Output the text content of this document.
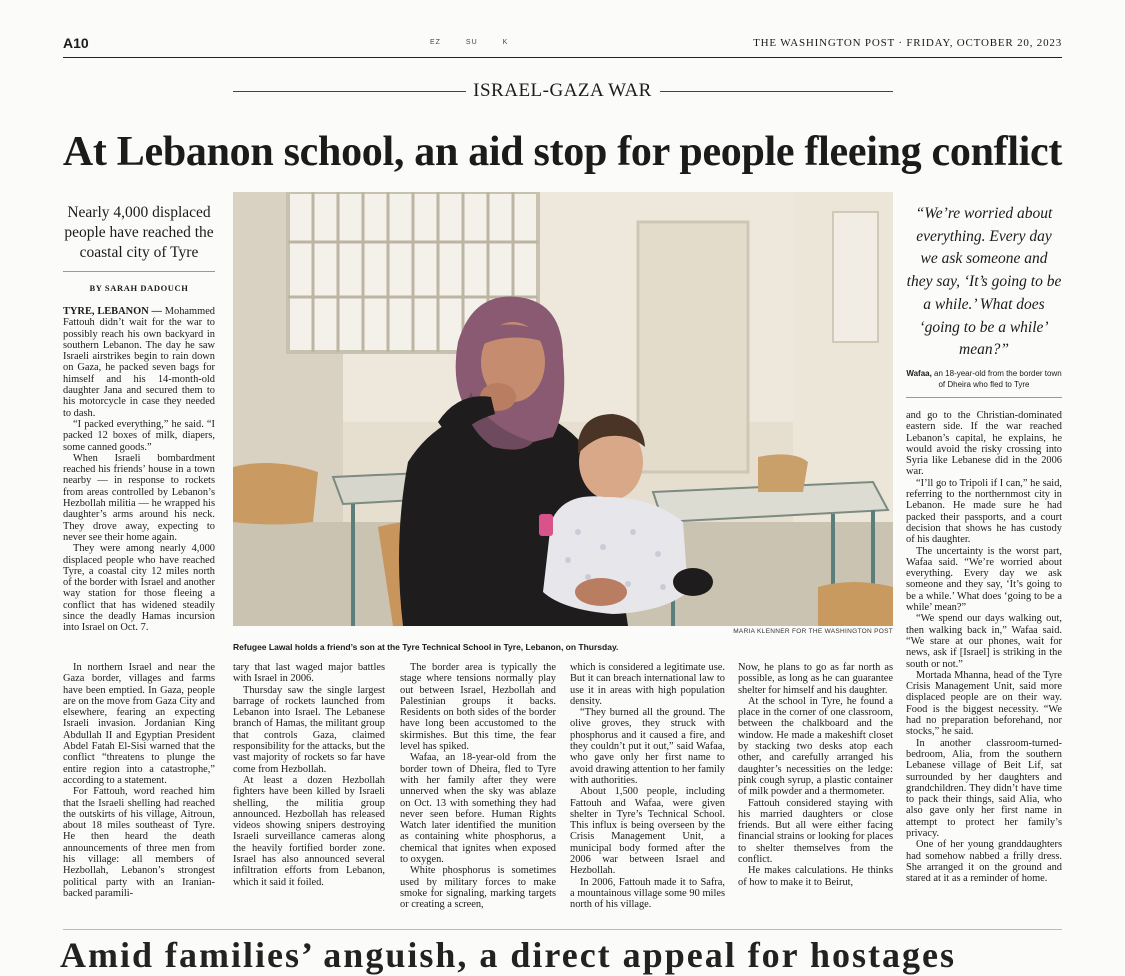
A10	EZ	SU	K	THE WASHINGTON POST · FRIDAY, OCTOBER 20, 2023
ISRAEL-GAZA WAR
At Lebanon school, an aid stop for people fleeing conflict
Nearly 4,000 displaced people have reached the coastal city of Tyre
BY SARAH DADOUCH

TYRE, LEBANON — Mohammed Fattouh didn’t wait for the war to possibly reach his own backyard in southern Lebanon. The day he saw Israeli airstrikes begin to rain down on Gaza, he packed seven bags for himself and his 14-month-old daughter Jana and secured them to his motorcycle in case they needed to dash.

“I packed everything,” he said. “I packed 12 boxes of milk, diapers, some canned goods.”

When Israeli bombardment reached his friends’ house in a town nearby — in response to rockets from areas controlled by Lebanon’s Hezbollah militia — he wrapped his daughter’s arms around his neck. They drove away, expecting to never see their home again.

They were among nearly 4,000 displaced people who have reached Tyre, a coastal city 12 miles north of the border with Israel and another way station for those fleeing a conflict that has widened steadily since the deadly Hamas incursion into Israel on Oct. 7.	MARIA KLENNER FOR THE WASHINGTON POST
Refugee Lawal holds a friend’s son at the Tyre Technical School in Tyre, Lebanon, on Thursday.
“We’re worried about everything. Every day we ask someone and they say, ‘It’s going to be a while.’ What does ‘going to be a while’ mean?”
Wafaa, an 18-year-old from the border town of Dheira who fled to Tyre

In northern Israel and near the Gaza border, villages and farms have been emptied. In Gaza, people are on the move from Gaza City and elsewhere, fearing an expecting Israeli invasion. Jordanian King Abdullah II and Egyptian President Abdel Fatah El-Sisi warned that the conflict “threatens to plunge the entire region into a catastrophe,” according to a statement.

For Fattouh, word reached him that the Israeli shelling had reached the outskirts of his village, Aitroun, about 18 miles southeast of Tyre. He then heard the death announcements of three men from his village: all members of Hezbollah, Lebanon’s strongest political party with an Iranian-backed paramili-

tary that last waged major battles with Israel in 2006.

Thursday saw the single largest barrage of rockets launched from Lebanon into Israel. The Lebanese branch of Hamas, the militant group that controls Gaza, claimed responsibility for the attacks, but the vast majority of rockets so far have come from Hezbollah.

At least a dozen Hezbollah fighters have been killed by Israeli shelling, the militia group announced. Hezbollah has released videos showing snipers destroying Israeli surveillance cameras along the heavily fortified border zone. Israel has also announced several infiltration efforts from Lebanon, which it said it foiled.

The border area is typically the stage where tensions normally play out between Israel, Hezbollah and Palestinian groups it backs. Residents on both sides of the border have long been accustomed to the skirmishes. But this time, the fear level has spiked.

Wafaa, an 18-year-old from the border town of Dheira, fled to Tyre with her family after they were unnerved when the sky was ablaze on Oct. 13 with something they had never seen before. Human Rights Watch later identified the munition as containing white phosphorus, a chemical that ignites when exposed to oxygen.

White phosphorus is sometimes used by military forces to make smoke for signaling, marking targets or creating a screen,

which is considered a legitimate use. But it can breach international law to use it in areas with high population density.

“They burned all the ground. The olive groves, they struck with phosphorus and it caused a fire, and they couldn’t put it out,” said Wafaa, who gave only her first name to avoid drawing attention to her family with authorities.

About 1,500 people, including Fattouh and Wafaa, were given shelter in Tyre’s Technical School. This influx is being overseen by the Crisis Management Unit, a municipal body formed after the 2006 war between Israel and Hezbollah.

In 2006, Fattouh made it to Safra, a mountainous village some 90 miles north of his village.

Now, he plans to go as far north as possible, as long as he can guarantee shelter for himself and his daughter.

At the school in Tyre, he found a place in the corner of one classroom, between the chalkboard and the window. He made a makeshift closet by stacking two desks atop each other, and carefully arranged his daughter’s necessities on the ledge: pink cough syrup, a plastic container of milk powder and a thermometer.

Fattouh considered staying with his married daughters or close friends. But all were either facing financial strains or looking for places to shelter themselves from the conflict.

He makes calculations. He thinks of how to make it to Beirut,

and go to the Christian-dominated eastern side. If the war reached Lebanon’s capital, he explains, he would avoid the risky crossing into Syria like Lebanese did in the 2006 war.

“I’ll go to Tripoli if I can,” he said, referring to the northernmost city in Lebanon. He made sure he had packed their passports, and a court decision that shows he has custody of his daughter.

The uncertainty is the worst part, Wafaa said. “We’re worried about everything. Every day we ask someone and they say, ‘It’s going to be a while.’ What does ‘going to be a while’ mean?”

“We spend our days walking out, then walking back in,” Wafaa said. “We stare at our phones, wait for news, ask if [Israel] is striking in the south or not.”

Mortada Mhanna, head of the Tyre Crisis Management Unit, said more displaced people are on their way. Food is the biggest necessity. “We had no preparation beforehand, nor stocks,” he said.

In another classroom-turned-bedroom, Alia, from the southern Lebanese village of Beit Lif, sat surrounded by her daughters and grandchildren. They didn’t have time to pack their things, said Alia, who also gave only her first name in attempt to protect her family’s privacy.

One of her young granddaughters had somehow nabbed a frilly dress. She arranged it on the ground and stared at it as a reminder of home.

Amid families’ anguish, a direct appeal for hostages
